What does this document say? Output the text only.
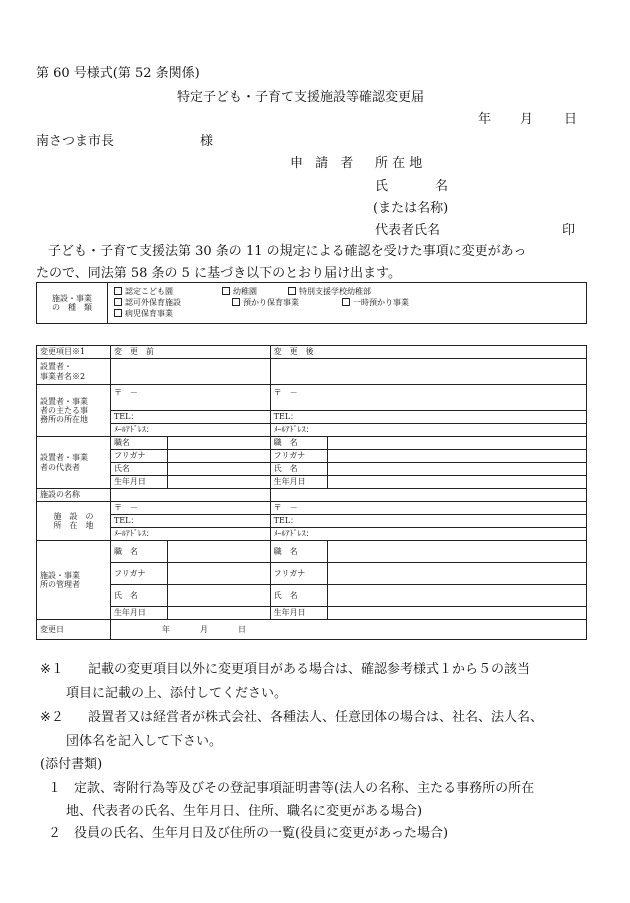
第 60 号様式(第 52 条関係)
特定子ども・子育て支援施設等確認変更届
年 月 日
南さつま市長	様
申 請 者 所 在 地
氏	名
(または名称)
代表者氏名	印
子ども・子育て支援法第 30 条の 11 の規定による確認を受けた事項に変更があっ
たので、同法第 58 条の 5 に基づき以下のとおり届け出ます。
施設・事業
の　種　類

認定こども園	幼稚園	特別支援学校幼稚部
認可外保育施設	預かり保育事業	一時預かり事業
病児保育事業
変更項目※1	変　更　前		変　更　後	

設置者・
事業者名※2				

設置者・事業
者の主たる事
務所の所在地	〒　－		〒　－	
	TEL：		TEL：	
	ﾒｰﾙｱﾄﾞﾚｽ：		ﾒｰﾙｱﾄﾞﾚｽ：	

設置者・事業
者の代表者	職名		職　名	
	フリガナ		フリガナ	
	氏名		氏　名	
	生年月日		生年月日	
施設の名称				

施　設　の
所　在　地	〒　－		〒　－	
	TEL：		TEL：	
	ﾒｰﾙｱﾄﾞﾚｽ：		ﾒｰﾙｱﾄﾞﾚｽ：	

施設・事業
所の管理者	職　名		職　名	
	フリガナ		フリガナ	
	氏　名		氏　名	
	生年月日		生年月日	
変更日	年 月 日			
※１ 記載の変更項目以外に変更項目がある場合は、確認参考様式１から５の該当
項目に記載の上、添付してください。
※２ 設置者又は経営者が株式会社、各種法人、任意団体の場合は、社名、法人名、
団体名を記入して下さい。
(添付書類)
１ 定款、寄附行為等及びその登記事項証明書等(法人の名称、主たる事務所の所在
地、代表者の氏名、生年月日、住所、職名に変更がある場合)
２ 役員の氏名、生年月日及び住所の一覧(役員に変更があった場合)
